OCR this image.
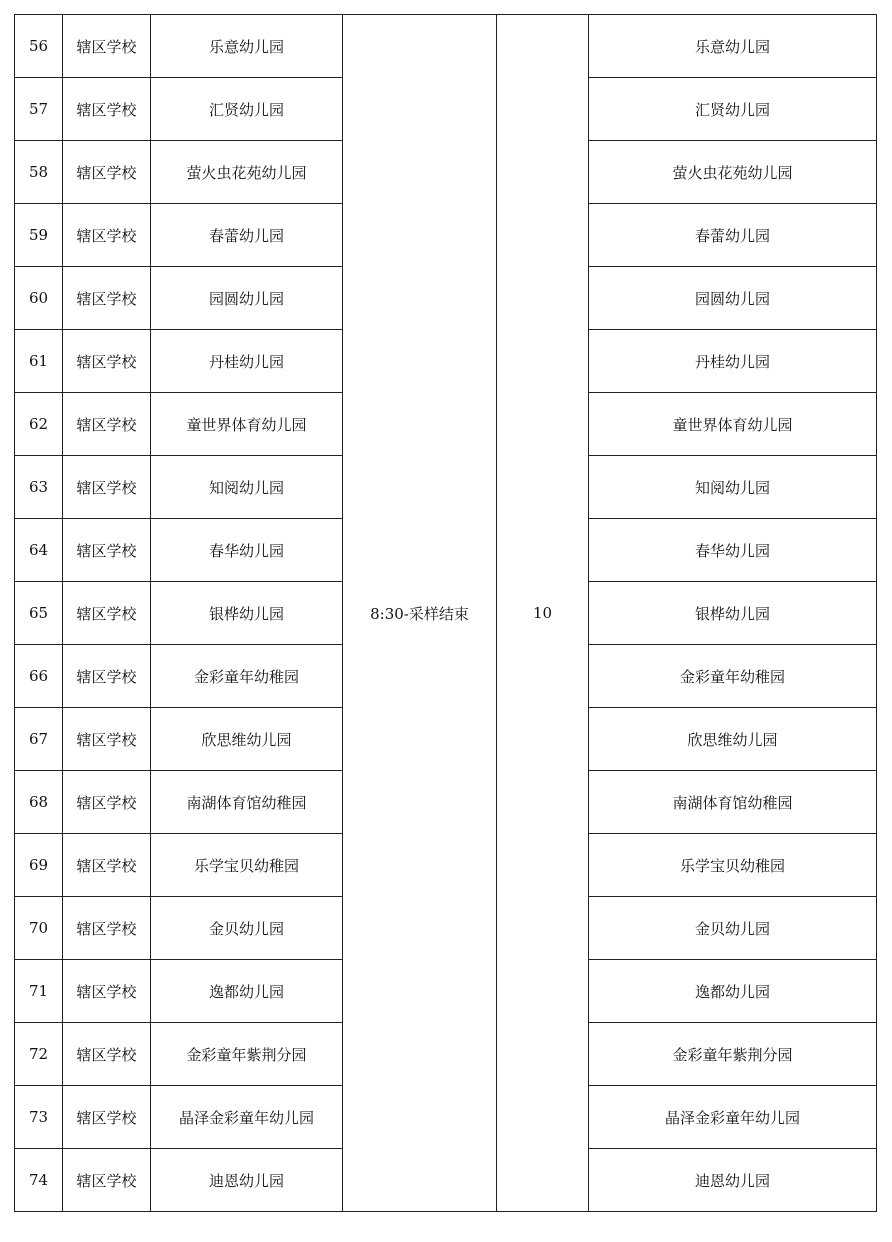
56	辖区学校	乐意幼儿园	8:30-采样结束	10	乐意幼儿园
57	辖区学校	汇贤幼儿园			汇贤幼儿园
58	辖区学校	萤火虫花苑幼儿园			萤火虫花苑幼儿园
59	辖区学校	春蕾幼儿园			春蕾幼儿园
60	辖区学校	园圆幼儿园			园圆幼儿园
61	辖区学校	丹桂幼儿园			丹桂幼儿园
62	辖区学校	童世界体育幼儿园			童世界体育幼儿园
63	辖区学校	知阅幼儿园			知阅幼儿园
64	辖区学校	春华幼儿园			春华幼儿园
65	辖区学校	银桦幼儿园			银桦幼儿园
66	辖区学校	金彩童年幼稚园			金彩童年幼稚园
67	辖区学校	欣思维幼儿园			欣思维幼儿园
68	辖区学校	南湖体育馆幼稚园			南湖体育馆幼稚园
69	辖区学校	乐学宝贝幼稚园			乐学宝贝幼稚园
70	辖区学校	金贝幼儿园			金贝幼儿园
71	辖区学校	逸都幼儿园			逸都幼儿园
72	辖区学校	金彩童年紫荆分园			金彩童年紫荆分园
73	辖区学校	晶泽金彩童年幼儿园			晶泽金彩童年幼儿园
74	辖区学校	迪恩幼儿园			迪恩幼儿园
